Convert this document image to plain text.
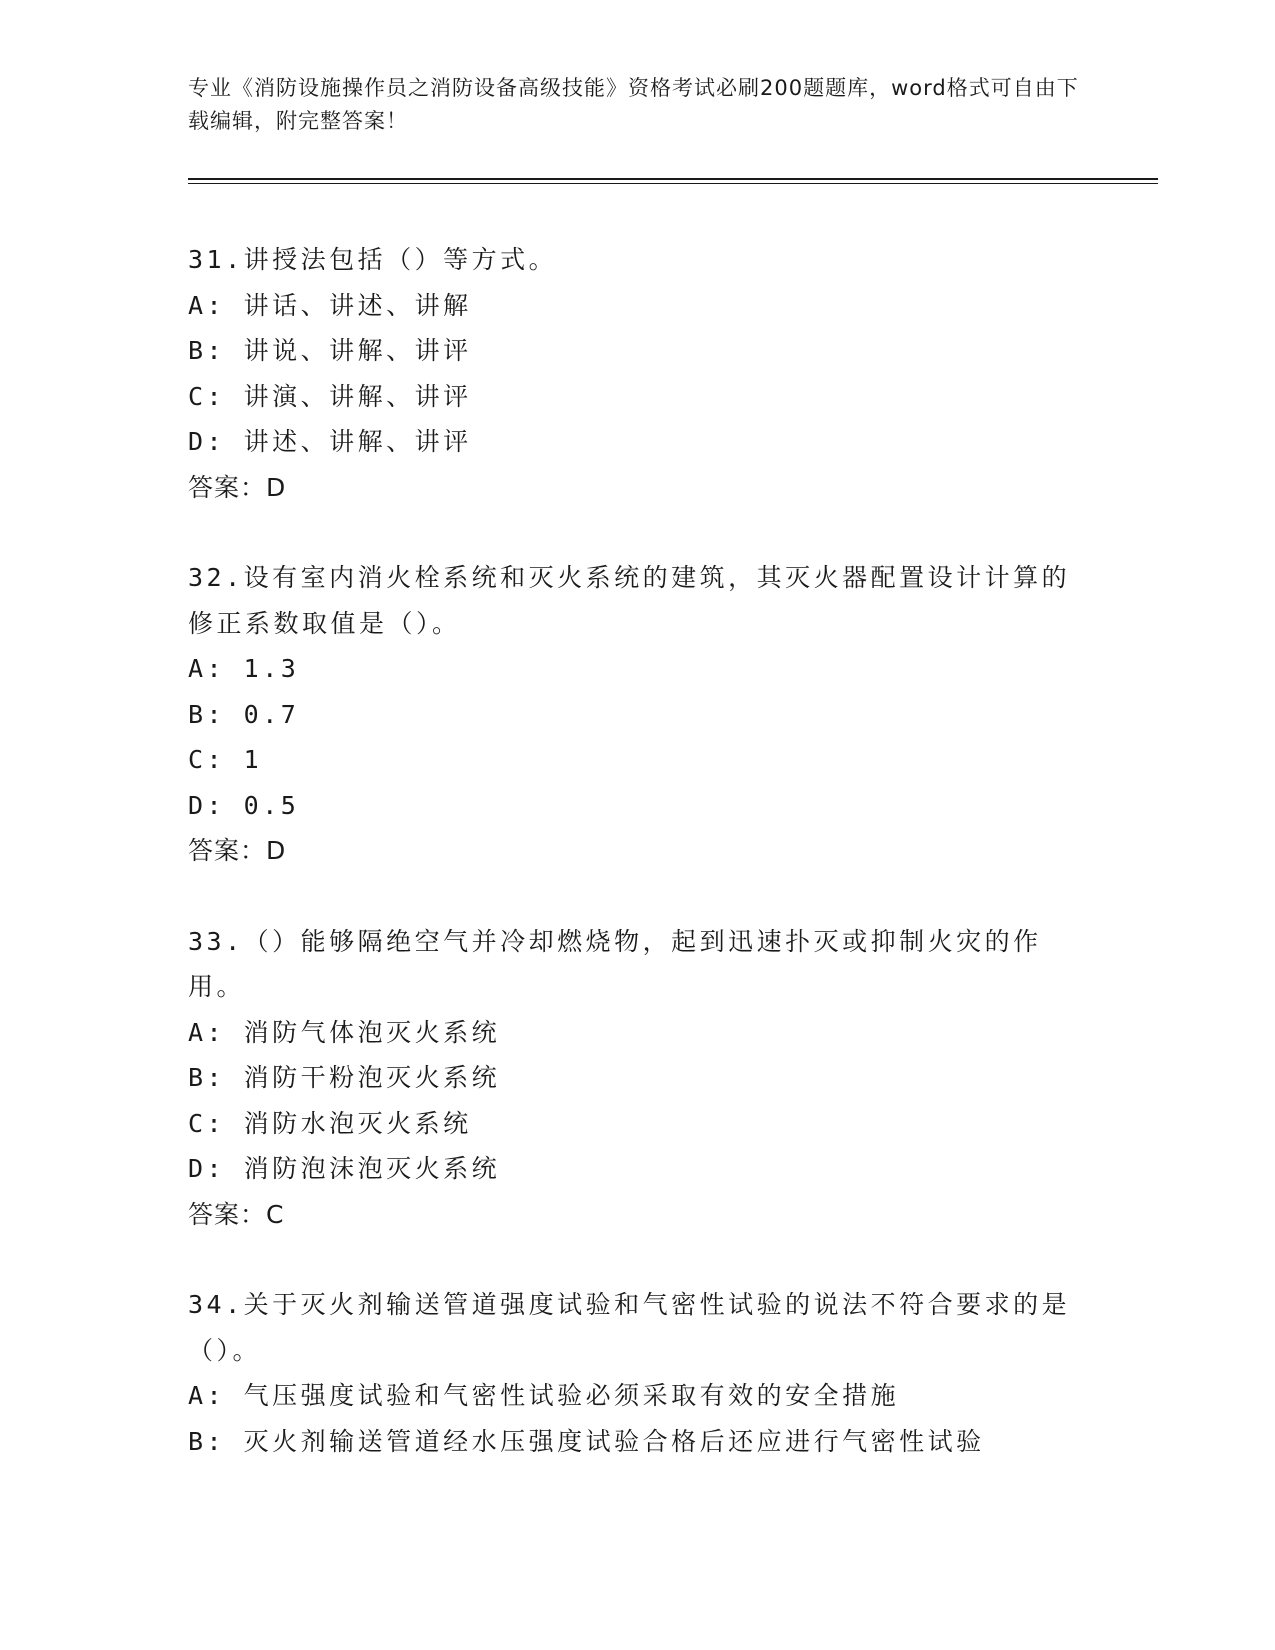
专业《消防设施操作员之消防设备高级技能》资格考试必刷200题题库，word格式可自由下载编辑，附完整答案！
31.讲授法包括（）等方式。
A: 讲话、讲述、讲解
B: 讲说、讲解、讲评
C: 讲演、讲解、讲评
D: 讲述、讲解、讲评
答案：D
32.设有室内消火栓系统和灭火系统的建筑，其灭火器配置设计计算的修正系数取值是（）。
A: 1.3
B: 0.7
C: 1
D: 0.5
答案：D
33.（）能够隔绝空气并冷却燃烧物，起到迅速扑灭或抑制火灾的作用。
A: 消防气体泡灭火系统
B: 消防干粉泡灭火系统
C: 消防水泡灭火系统
D: 消防泡沫泡灭火系统
答案：C
34.关于灭火剂输送管道强度试验和气密性试验的说法不符合要求的是（）。
A: 气压强度试验和气密性试验必须采取有效的安全措施
B: 灭火剂输送管道经水压强度试验合格后还应进行气密性试验
